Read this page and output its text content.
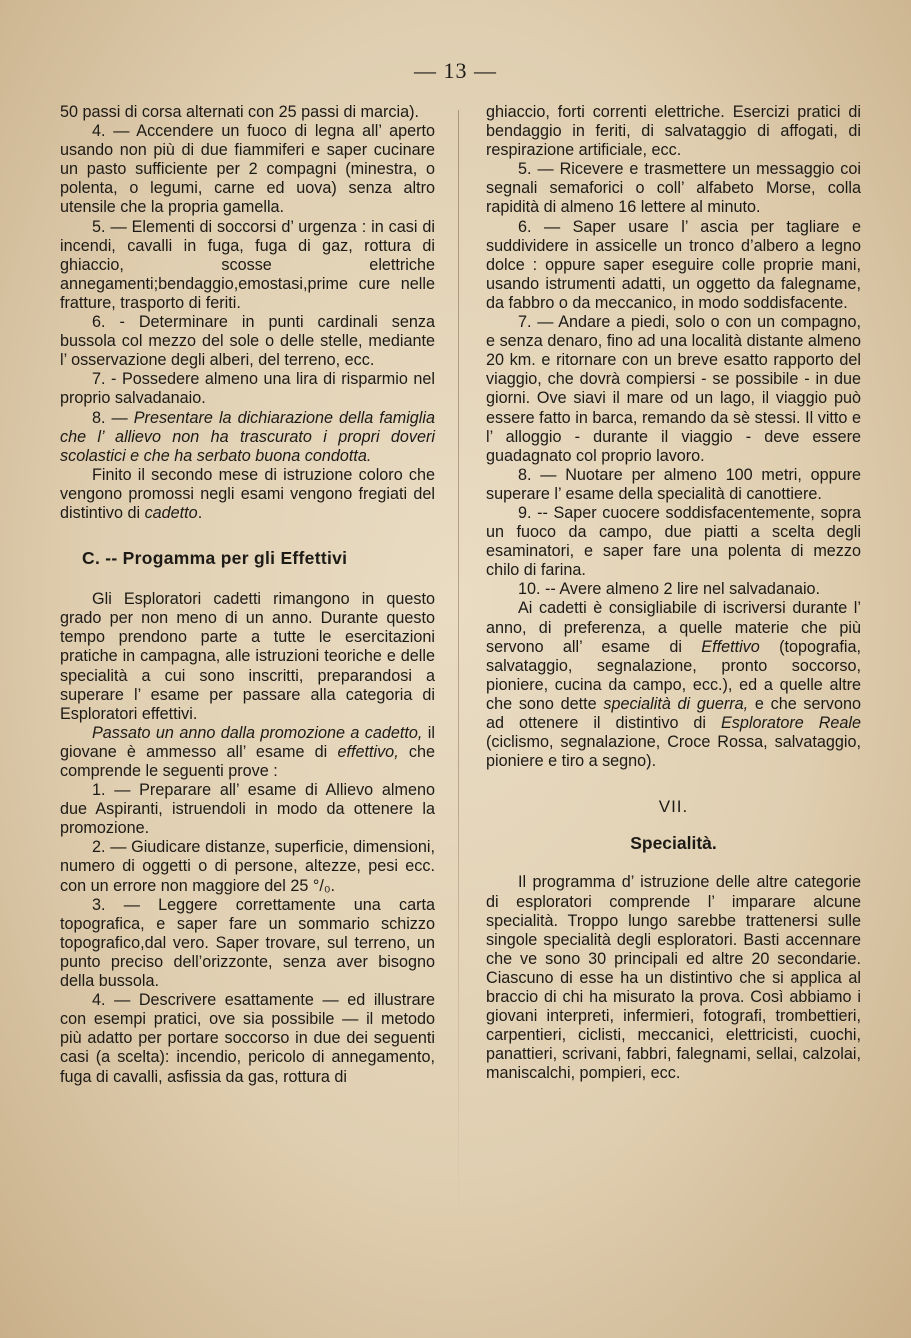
— 13 —

50 passi di corsa alternati con 25 passi di marcia).

4. — Accendere un fuoco di legna all’ aperto usando non più di due fiammiferi e saper cucinare un pasto sufficiente per 2 compagni (minestra, o polenta, o legumi, carne ed uova) senza altro utensile che la propria gamella.

5. — Elementi di soccorsi d’ urgenza : in casi di incendi, cavalli in fuga, fuga di gaz, rottura di ghiaccio, scosse elettriche annegamenti;bendaggio,emostasi,prime cure nelle fratture, trasporto di feriti.

6. - Determinare in punti cardinali senza bussola col mezzo del sole o delle stelle, mediante l’ osservazione degli alberi, del terreno, ecc.

7. - Possedere almeno una lira di risparmio nel proprio salvadanaio.

8. — Presentare la dichiarazione della famiglia che l’ allievo non ha trascurato i propri doveri scolastici e che ha serbato buona condotta.

Finito il secondo mese di istruzione coloro che vengono promossi negli esami vengono fregiati del distintivo di cadetto.

C. -- Progamma per gli Effettivi

Gli Esploratori cadetti rimangono in questo grado per non meno di un anno. Durante questo tempo prendono parte a tutte le esercitazioni pratiche in campagna, alle istruzioni teoriche e delle specialità a cui sono inscritti, preparandosi a superare l’ esame per passare alla categoria di Esploratori effettivi.

Passato un anno dalla promozione a cadetto, il giovane è ammesso all’ esame di effettivo, che comprende le seguenti prove :

1. — Preparare all’ esame di Allievo almeno due Aspiranti, istruendoli in modo da ottenere la promozione.

2. — Giudicare distanze, superficie, dimensioni, numero di oggetti o di persone, altezze, pesi ecc. con un errore non maggiore del 25 °/₀.

3. — Leggere correttamente una carta topografica, e saper fare un sommario schizzo topografico,dal vero. Saper trovare, sul terreno, un punto preciso dell’orizzonte, senza aver bisogno della bussola.

4. — Descrivere esattamente — ed illustrare con esempi pratici, ove sia possibile — il metodo più adatto per portare soccorso in due dei seguenti casi (a scelta): incendio, pericolo di annegamento, fuga di cavalli, asfissia da gas, rottura di

ghiaccio, forti correnti elettriche. Esercizi pratici di bendaggio in feriti, di salvataggio di affogati, di respirazione artificiale, ecc.

5. — Ricevere e trasmettere un messaggio coi segnali semaforici o coll’ alfabeto Morse, colla rapidità di almeno 16 lettere al minuto.

6. — Saper usare l’ ascia per tagliare e suddividere in assicelle un tronco d’albero a legno dolce : oppure saper eseguire colle proprie mani, usando istrumenti adatti, un oggetto da falegname, da fabbro o da meccanico, in modo soddisfacente.

7. — Andare a piedi, solo o con un compagno, e senza denaro, fino ad una località distante almeno 20 km. e ritornare con un breve esatto rapporto del viaggio, che dovrà compiersi - se possibile - in due giorni. Ove siavi il mare od un lago, il viaggio può essere fatto in barca, remando da sè stessi. Il vitto e l’ alloggio - durante il viaggio - deve essere guadagnato col proprio lavoro.

8. — Nuotare per almeno 100 metri, oppure superare l’ esame della specialità di canottiere.

9. -- Saper cuocere soddisfacentemente, sopra un fuoco da campo, due piatti a scelta degli esaminatori, e saper fare una polenta di mezzo chilo di farina.

10. -- Avere almeno 2 lire nel salvadanaio.

Ai cadetti è consigliabile di iscriversi durante l’ anno, di preferenza, a quelle materie che più servono all’ esame di Effettivo (topografia, salvataggio, segnalazione, pronto soccorso, pioniere, cucina da campo, ecc.), ed a quelle altre che sono dette specialità di guerra, e che servono ad ottenere il distintivo di Esploratore Reale (ciclismo, segnalazione, Croce Rossa, salvataggio, pioniere e tiro a segno).

VII.
Specialità.

Il programma d’ istruzione delle altre categorie di esploratori comprende l’ imparare alcune specialità. Troppo lungo sarebbe trattenersi sulle singole specialità degli esploratori. Basti accennare che ve sono 30 principali ed altre 20 secondarie. Ciascuno di esse ha un distintivo che si applica al braccio di chi ha misurato la prova. Così abbiamo i giovani interpreti, infermieri, fotografi, trombettieri, carpentieri, ciclisti, meccanici, elettricisti, cuochi, panattieri, scrivani, fabbri, falegnami, sellai, calzolai, maniscalchi, pompieri, ecc.
